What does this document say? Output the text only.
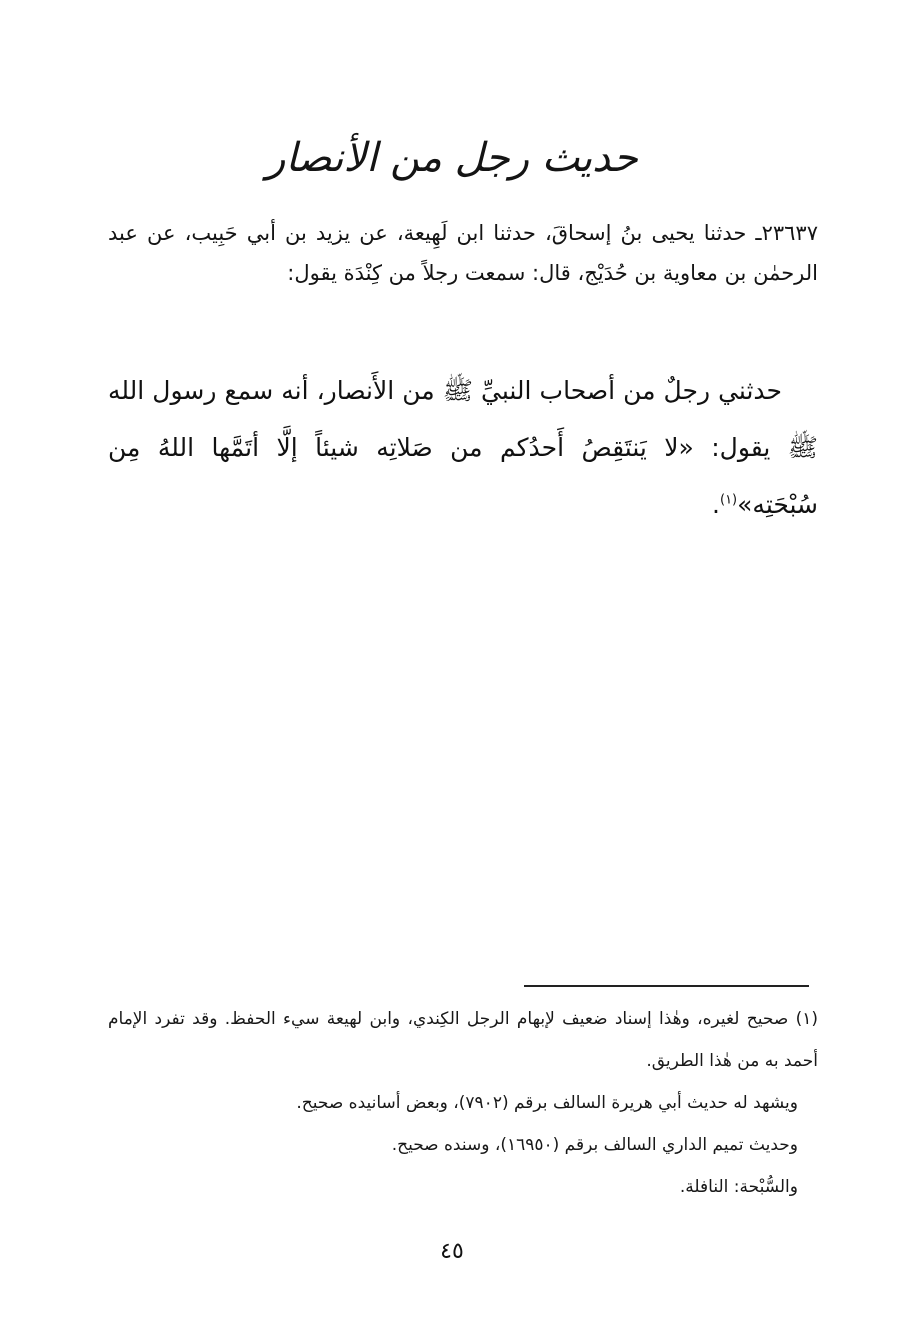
حديث رجل من الأنصار

٢٣٦٣٧ـ حدثنا يحيى بنُ إسحاقَ، حدثنا ابن لَهِيعة، عن يزيد بن أبي حَبِيب، عن عبد الرحمٰن بن معاوية بن حُدَيْج، قال: سمعت رجلاً من كِنْدَة يقول:

حدثني رجلٌ من أصحاب النبيِّ ﷺ من الأَنصار، أنه سمع رسول الله ﷺ يقول: «لا يَنتَقِصُ أَحدُكم من صَلاتِه شيئاً إلَّا أتَمَّها اللهُ مِن سُبْحَتِه»$^{(١)}$.

(١) صحيح لغيره، وهٰذا إسناد ضعيف لإبهام الرجل الكِندي، وابن لهيعة سيء الحفظ. وقد تفرد الإمام أحمد به من هٰذا الطريق.

ويشهد له حديث أبي هريرة السالف برقم (٧٩٠٢)، وبعض أسانيده صحيح.

وحديث تميم الداري السالف برقم (١٦٩٥٠)، وسنده صحيح.

والسُّبْحة: النافلة.

٤٥
